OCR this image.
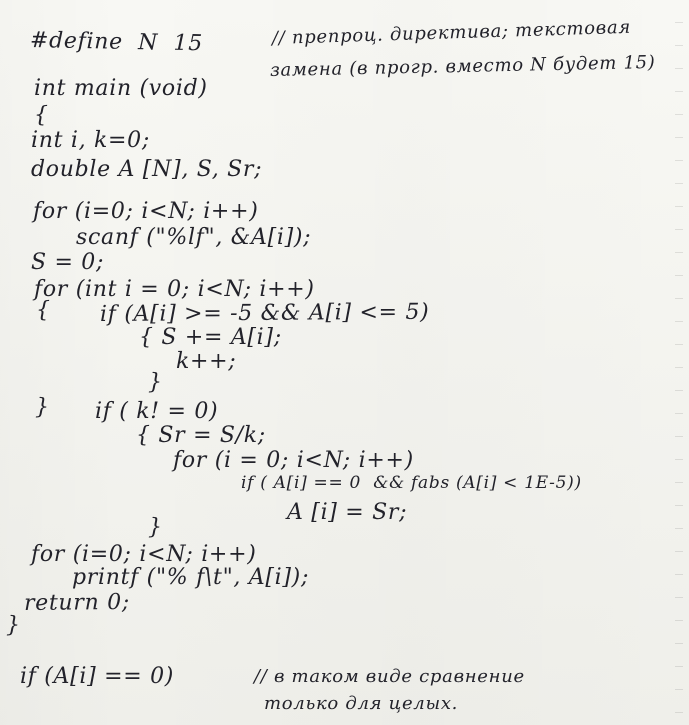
#define  N  15	// препроц. директива; текстовая
замена (в прогр. вместо N будет 15)
int main (void)
{
int i, k=0;
double A [N], S, Sr;
for (i=0; i<N; i++)
scanf ("%lf", &A[i]);
S = 0;
for (int i = 0; i<N; i++)
{ if (A[i] >= -5 && A[i] <= 5)
{ S += A[i];
k++;
}
} if ( k! = 0)
{ Sr = S/k;
for (i = 0; i<N; i++)
if ( A[i] == 0  && fabs (A[i] < 1E-5))
A [i] = Sr;
}
for (i=0; i<N; i++)
printf ("% f\t", A[i]);
return 0;
}
if (A[i] == 0)	// в таком виде сравнение
только для целых.
